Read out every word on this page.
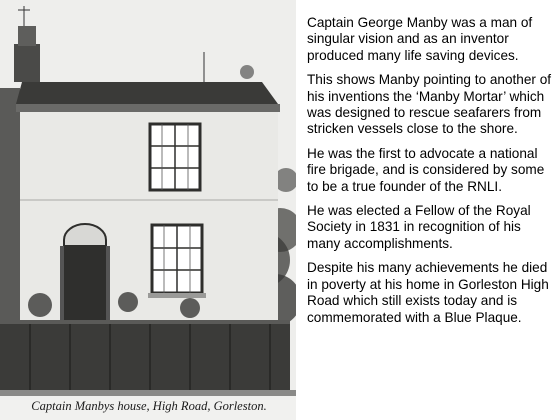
Captain Manbys house, High Road, Gorleston.

Captain George Manby was a man of singular vision and as an inventor produced many life saving devices.

This shows Manby pointing to another of his inventions the ‘Manby Mortar’ which was designed to rescue seafarers from stricken vessels close to the shore.

He was the first to advocate a national fire brigade, and is considered by some to be a true founder of the RNLI.

He was elected a Fellow of the Royal Society in 1831 in recognition of his many accomplishments.

Despite his many achievements he died in poverty at his home in Gorleston High Road which still exists today and is commemorated with a Blue Plaque.
